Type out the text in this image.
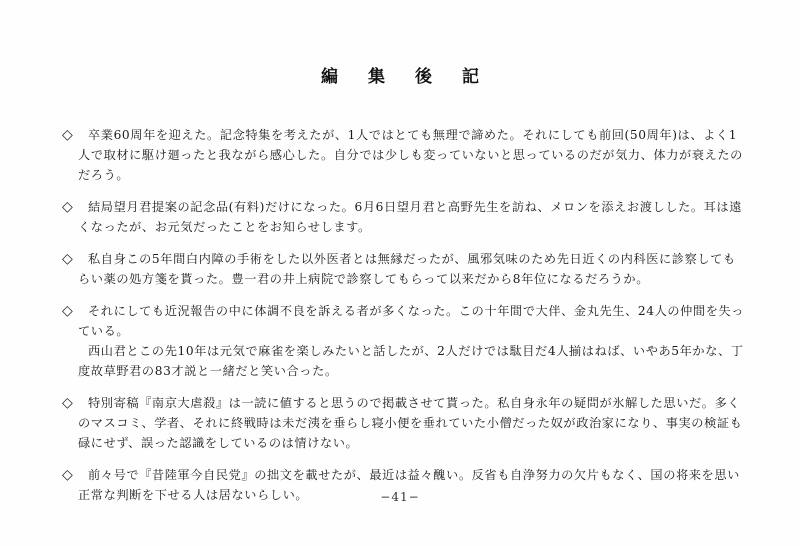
編集後記
◇	卒業60周年を迎えた。記念特集を考えたが、1人ではとても無理で諦めた。それにしても前回(50周年)は、よく1人で取材に駆け廻ったと我ながら感心した。自分では少しも変っていないと思っているのだが気力、体力が衰えたのだろう。

◇	結局望月君提案の記念品(有料)だけになった。6月6日望月君と高野先生を訪ね、メロンを添えお渡しした。耳は遠くなったが、お元気だったことをお知らせします。

◇	私自身この5年間白内障の手術をした以外医者とは無縁だったが、風邪気味のため先日近くの内科医に診察してもらい薬の処方箋を貰った。豊一君の井上病院で診察してもらって以来だから8年位になるだろうか。

◇	それにしても近況報告の中に体調不良を訴える者が多くなった。この十年間で大伴、金丸先生、24人の仲間を失っている。

西山君とこの先10年は元気で麻雀を楽しみたいと話したが、2人だけでは駄目だ4人揃はねば、いやあ5年かな、丁度故草野君の83才説と一緒だと笑い合った。

◇	特別寄稿『南京大虐殺』は一読に値すると思うので掲載させて貰った。私自身永年の疑問が氷解した思いだ。多くのマスコミ、学者、それに終戦時は未だ洟を垂らし寝小便を垂れていた小僧だった奴が政治家になり、事実の検証も碌にせず、誤った認識をしているのは情けない。

◇	前々号で『昔陸軍今自民党』の拙文を載せたが、最近は益々醜い。反省も自浄努力の欠片もなく、国の将来を思い正常な判断を下せる人は居ないらしい。	−41−
